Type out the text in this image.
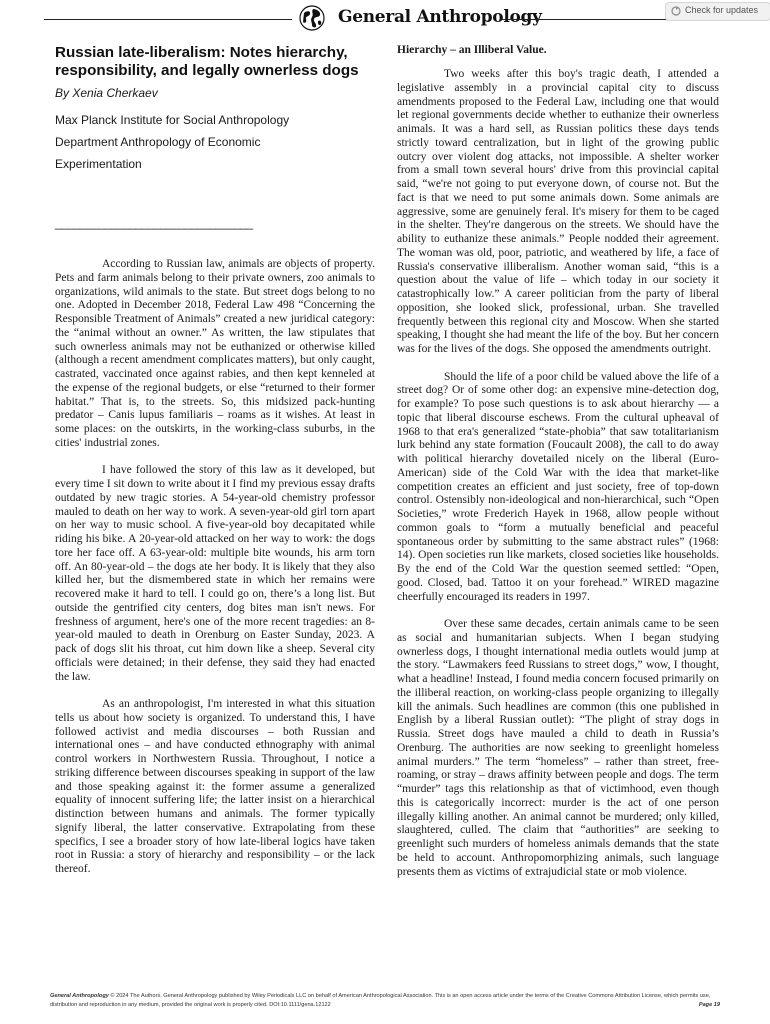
General Anthropology	Check for updates
Russian late-liberalism: Notes hierarchy, responsibility, and legally ownerless dogs

By Xenia Cherkaev

Max Planck Institute for Social Anthropology

Department Anthropology of Economic

Experimentation

________________________________

According to Russian law, animals are objects of property. Pets and farm animals belong to their private owners, zoo animals to organizations, wild animals to the state. But street dogs belong to no one. Adopted in December 2018, Federal Law 498 “Concerning the Responsible Treatment of Animals” created a new juridical category: the “animal without an owner.” As written, the law stipulates that such ownerless animals may not be euthanized or otherwise killed (although a recent amendment complicates matters), but only caught, castrated, vaccinated once against rabies, and then kept kenneled at the expense of the regional budgets, or else “returned to their former habitat.” That is, to the streets. So, this midsized pack-hunting predator – Canis lupus familiaris – roams as it wishes. At least in some places: on the outskirts, in the working-class suburbs, in the cities' industrial zones.

I have followed the story of this law as it developed, but every time I sit down to write about it I find my previous essay drafts outdated by new tragic stories. A 54-year-old chemistry professor mauled to death on her way to work. A seven-year-old girl torn apart on her way to music school. A five-year-old boy decapitated while riding his bike. A 20-year-old attacked on her way to work: the dogs tore her face off. A 63-year-old: multiple bite wounds, his arm torn off. An 80-year-old – the dogs ate her body. It is likely that they also killed her, but the dismembered state in which her remains were recovered make it hard to tell. I could go on, there’s a long list. But outside the gentrified city centers, dog bites man isn't news. For freshness of argument, here's one of the more recent tragedies: an 8-year-old mauled to death in Orenburg on Easter Sunday, 2023. A pack of dogs slit his throat, cut him down like a sheep. Several city officials were detained; in their defense, they said they had enacted the law.

As an anthropologist, I'm interested in what this situation tells us about how society is organized. To understand this, I have followed activist and media discourses – both Russian and international ones – and have conducted ethnography with animal control workers in Northwestern Russia. Throughout, I notice a striking difference between discourses speaking in support of the law and those speaking against it: the former assume a generalized equality of innocent suffering life; the latter insist on a hierarchical distinction between humans and animals. The former typically signify liberal, the latter conservative. Extrapolating from these specifics, I see a broader story of how late-liberal logics have taken root in Russia: a story of hierarchy and responsibility – or the lack thereof.

Hierarchy – an Illiberal Value.

Two weeks after this boy's tragic death, I attended a legislative assembly in a provincial capital city to discuss amendments proposed to the Federal Law, including one that would let regional governments decide whether to euthanize their ownerless animals. It was a hard sell, as Russian politics these days tends strictly toward centralization, but in light of the growing public outcry over violent dog attacks, not impossible. A shelter worker from a small town several hours' drive from this provincial capital said, “we're not going to put everyone down, of course not. But the fact is that we need to put some animals down. Some animals are aggressive, some are genuinely feral. It's misery for them to be caged in the shelter. They're dangerous on the streets. We should have the ability to euthanize these animals.” People nodded their agreement. The woman was old, poor, patriotic, and weathered by life, a face of Russia's conservative illiberalism. Another woman said, “this is a question about the value of life – which today in our society it catastrophically low.” A career politician from the party of liberal opposition, she looked slick, professional, urban. She travelled frequently between this regional city and Moscow. When she started speaking, I thought she had meant the life of the boy. But her concern was for the lives of the dogs. She opposed the amendments outright.

Should the life of a poor child be valued above the life of a street dog? Or of some other dog: an expensive mine-detection dog, for example? To pose such questions is to ask about hierarchy — a topic that liberal discourse eschews. From the cultural upheaval of 1968 to that era's generalized “state-phobia” that saw totalitarianism lurk behind any state formation (Foucault 2008), the call to do away with political hierarchy dovetailed nicely on the liberal (Euro-American) side of the Cold War with the idea that market-like competition creates an efficient and just society, free of top-down control. Ostensibly non-ideological and non-hierarchical, such “Open Societies,” wrote Frederich Hayek in 1968, allow people without common goals to “form a mutually beneficial and peaceful spontaneous order by submitting to the same abstract rules” (1968: 14). Open societies run like markets, closed societies like households. By the end of the Cold War the question seemed settled: “Open, good. Closed, bad. Tattoo it on your forehead.” WIRED magazine cheerfully encouraged its readers in 1997.

Over these same decades, certain animals came to be seen as social and humanitarian subjects. When I began studying ownerless dogs, I thought international media outlets would jump at the story. “Lawmakers feed Russians to street dogs,” wow, I thought, what a headline! Instead, I found media concern focused primarily on the illiberal reaction, on working-class people organizing to illegally kill the animals. Such headlines are common (this one published in English by a liberal Russian outlet): “The plight of stray dogs in Russia. Street dogs have mauled a child to death in Russia’s Orenburg. The authorities are now seeking to greenlight homeless animal murders.” The term “homeless” – rather than street, free-roaming, or stray – draws affinity between people and dogs. The term “murder” tags this relationship as that of victimhood, even though this is categorically incorrect: murder is the act of one person illegally killing another. An animal cannot be murdered; only killed, slaughtered, culled. The claim that “authorities” are seeking to greenlight such murders of homeless animals demands that the state be held to account. Anthropomorphizing animals, such language presents them as victims of extrajudicial state or mob violence.

General Anthropology © 2024 The Authors. General Anthropology published by Wiley Periodicals LLC on behalf of American Anthropological Association. This is an open access article under the terms of the Creative Commons Attribution License, which permits use, distribution and reproduction in any medium, provided the original work is properly cited. DOI:10.1111/gena.12122	Page 19
